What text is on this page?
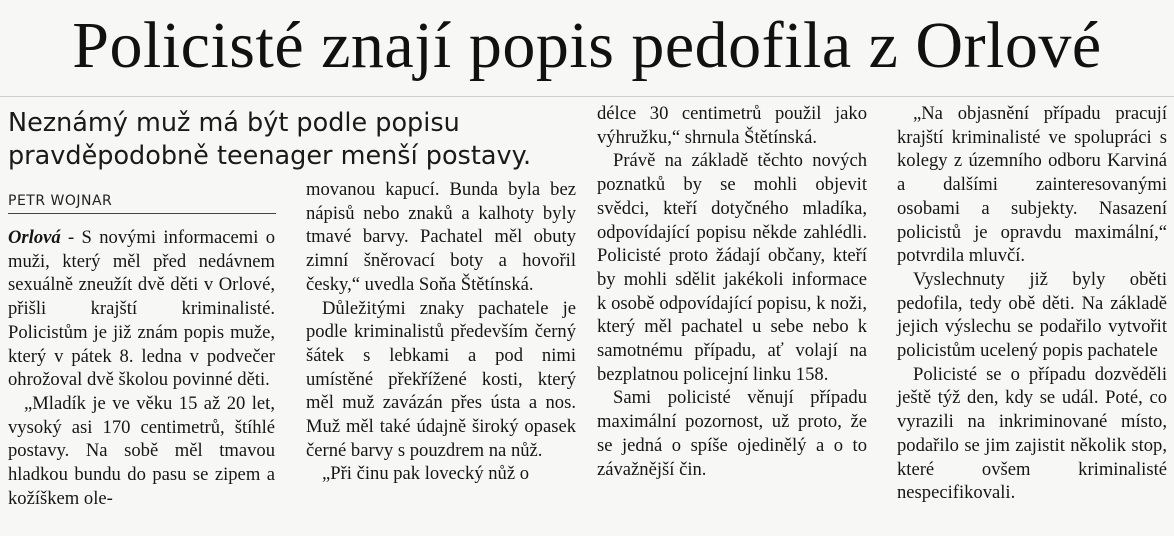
Policisté znají popis pedofila z Orlové
Neznámý muž má být podle popisu pravděpodobně teenager menší postavy.
PETR WOJNAR

Orlová - S novými informacemi o muži, který měl před nedávnem sexuálně zneužít dvě děti v Orlové, přišli krajští kriminalisté. Policistům je již znám popis muže, který v pátek 8. ledna v podvečer ohrožoval dvě školou povinné děti.

„Mladík je ve věku 15 až 20 let, vysoký asi 170 centimetrů, štíhlé postavy. Na sobě měl tmavou hladkou bundu do pasu se zipem a kožíškem ole-

movanou kapucí. Bunda byla bez nápisů nebo znaků a kalhoty byly tmavé barvy. Pachatel měl obuty zimní šněrovací boty a hovořil česky,“ uvedla Soňa Štětínská.

Důležitými znaky pachatele je podle kriminalistů především černý šátek s lebkami a pod nimi umístěné překřížené kosti, který měl muž zavázán přes ústa a nos. Muž měl také údajně široký opasek černé barvy s pouzdrem na nůž.

„Při činu pak lovecký nůž o

délce 30 centimetrů použil jako výhružku,“ shrnula Štětínská.

Právě na základě těchto nových poznatků by se mohli objevit svědci, kteří dotyčného mladíka, odpovídající popisu někde zahlédli. Policisté proto žádají občany, kteří by mohli sdělit jakékoli informace k osobě odpovídající popisu, k noži, který měl pachatel u sebe nebo k samotnému případu, ať volají na bezplatnou policejní linku 158.

Sami policisté věnují případu maximální pozornost, už proto, že se jedná o spíše ojedinělý a o to závažnější čin.

„Na objasnění případu pracují krajští kriminalisté ve spolupráci s kolegy z územního odboru Karviná a dalšími zainteresovanými osobami a subjekty. Nasazení policistů je opravdu maximální,“ potvrdila mluvčí.

Vyslechnuty již byly oběti pedofila, tedy obě děti. Na základě jejich výslechu se podařilo vytvořit policistům ucelený popis pachatele

Policisté se o případu dozvěděli ještě týž den, kdy se udál. Poté, co vyrazili na inkriminované místo, podařilo se jim zajistit několik stop, které ovšem kriminalisté nespecifikovali.
